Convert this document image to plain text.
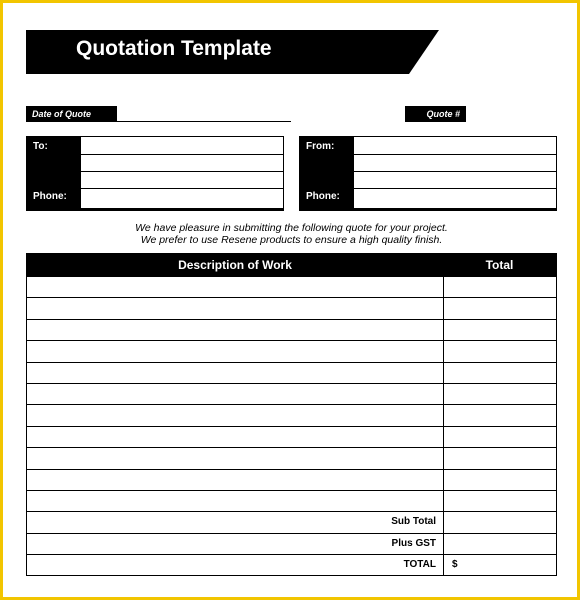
Quotation Template
Date of Quote	Quote #
To:
Phone:
From:
Phone:
We have pleasure in submitting the following quote for your project.
We prefer to use Resene products to ensure a high quality finish.
Description of Work	Total
Sub Total
Plus GST
TOTAL $
